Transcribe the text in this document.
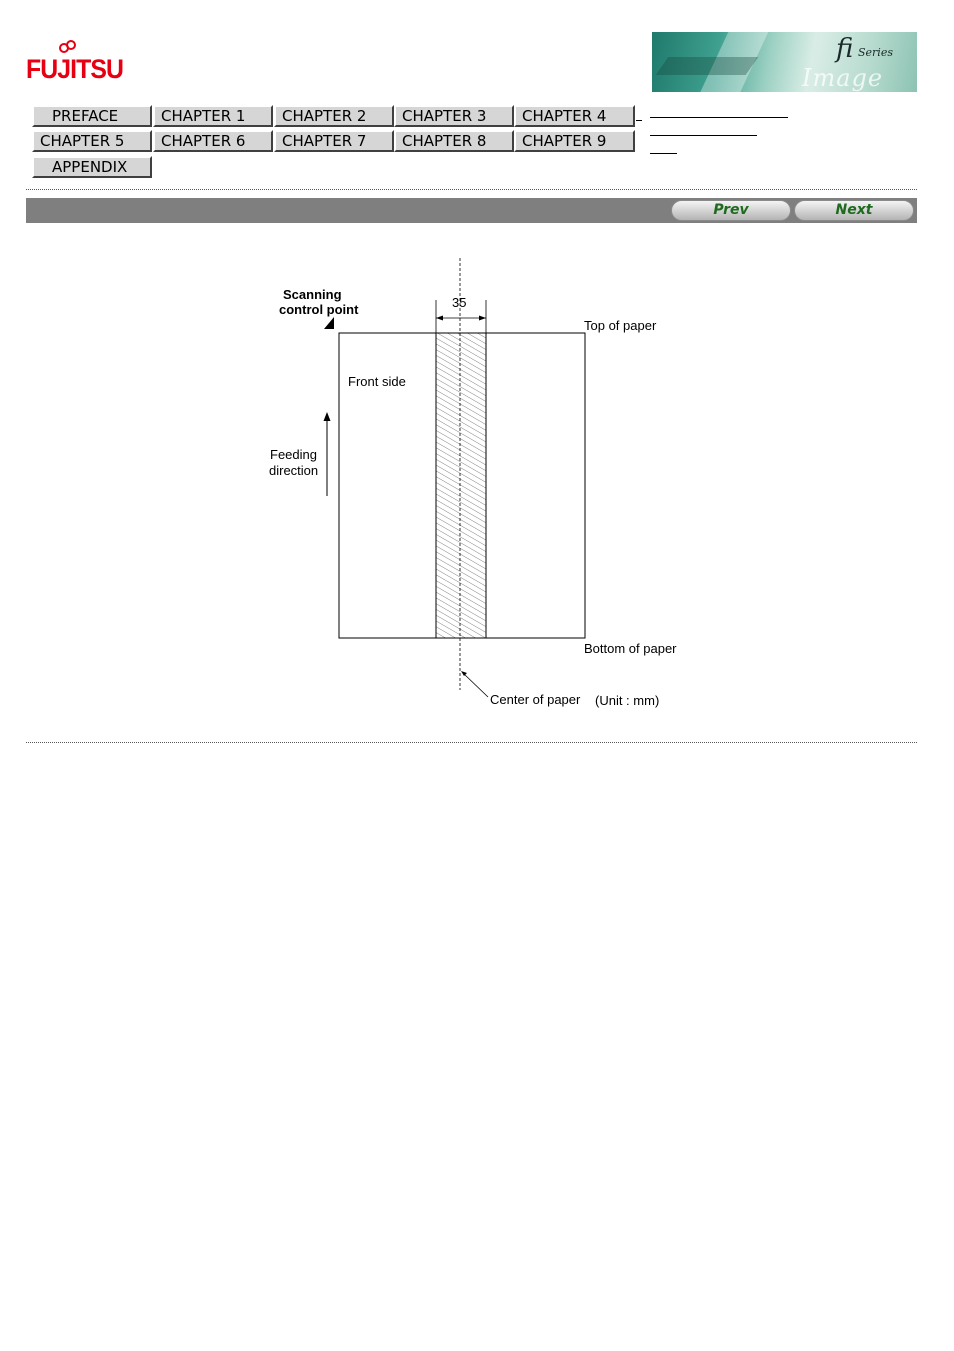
FUJITSU
fi Series
Image Scanner
PREFACE	CHAPTER 1	CHAPTER 2	CHAPTER 3	CHAPTER 4
CHAPTER 5	CHAPTER 6	CHAPTER 7	CHAPTER 8	CHAPTER 9
APPENDIX
Prev	Next
Scanning
control point	35
Top of paper
Front side
Feeding
direction
Bottom of paper
Center of paper (Unit : mm)
